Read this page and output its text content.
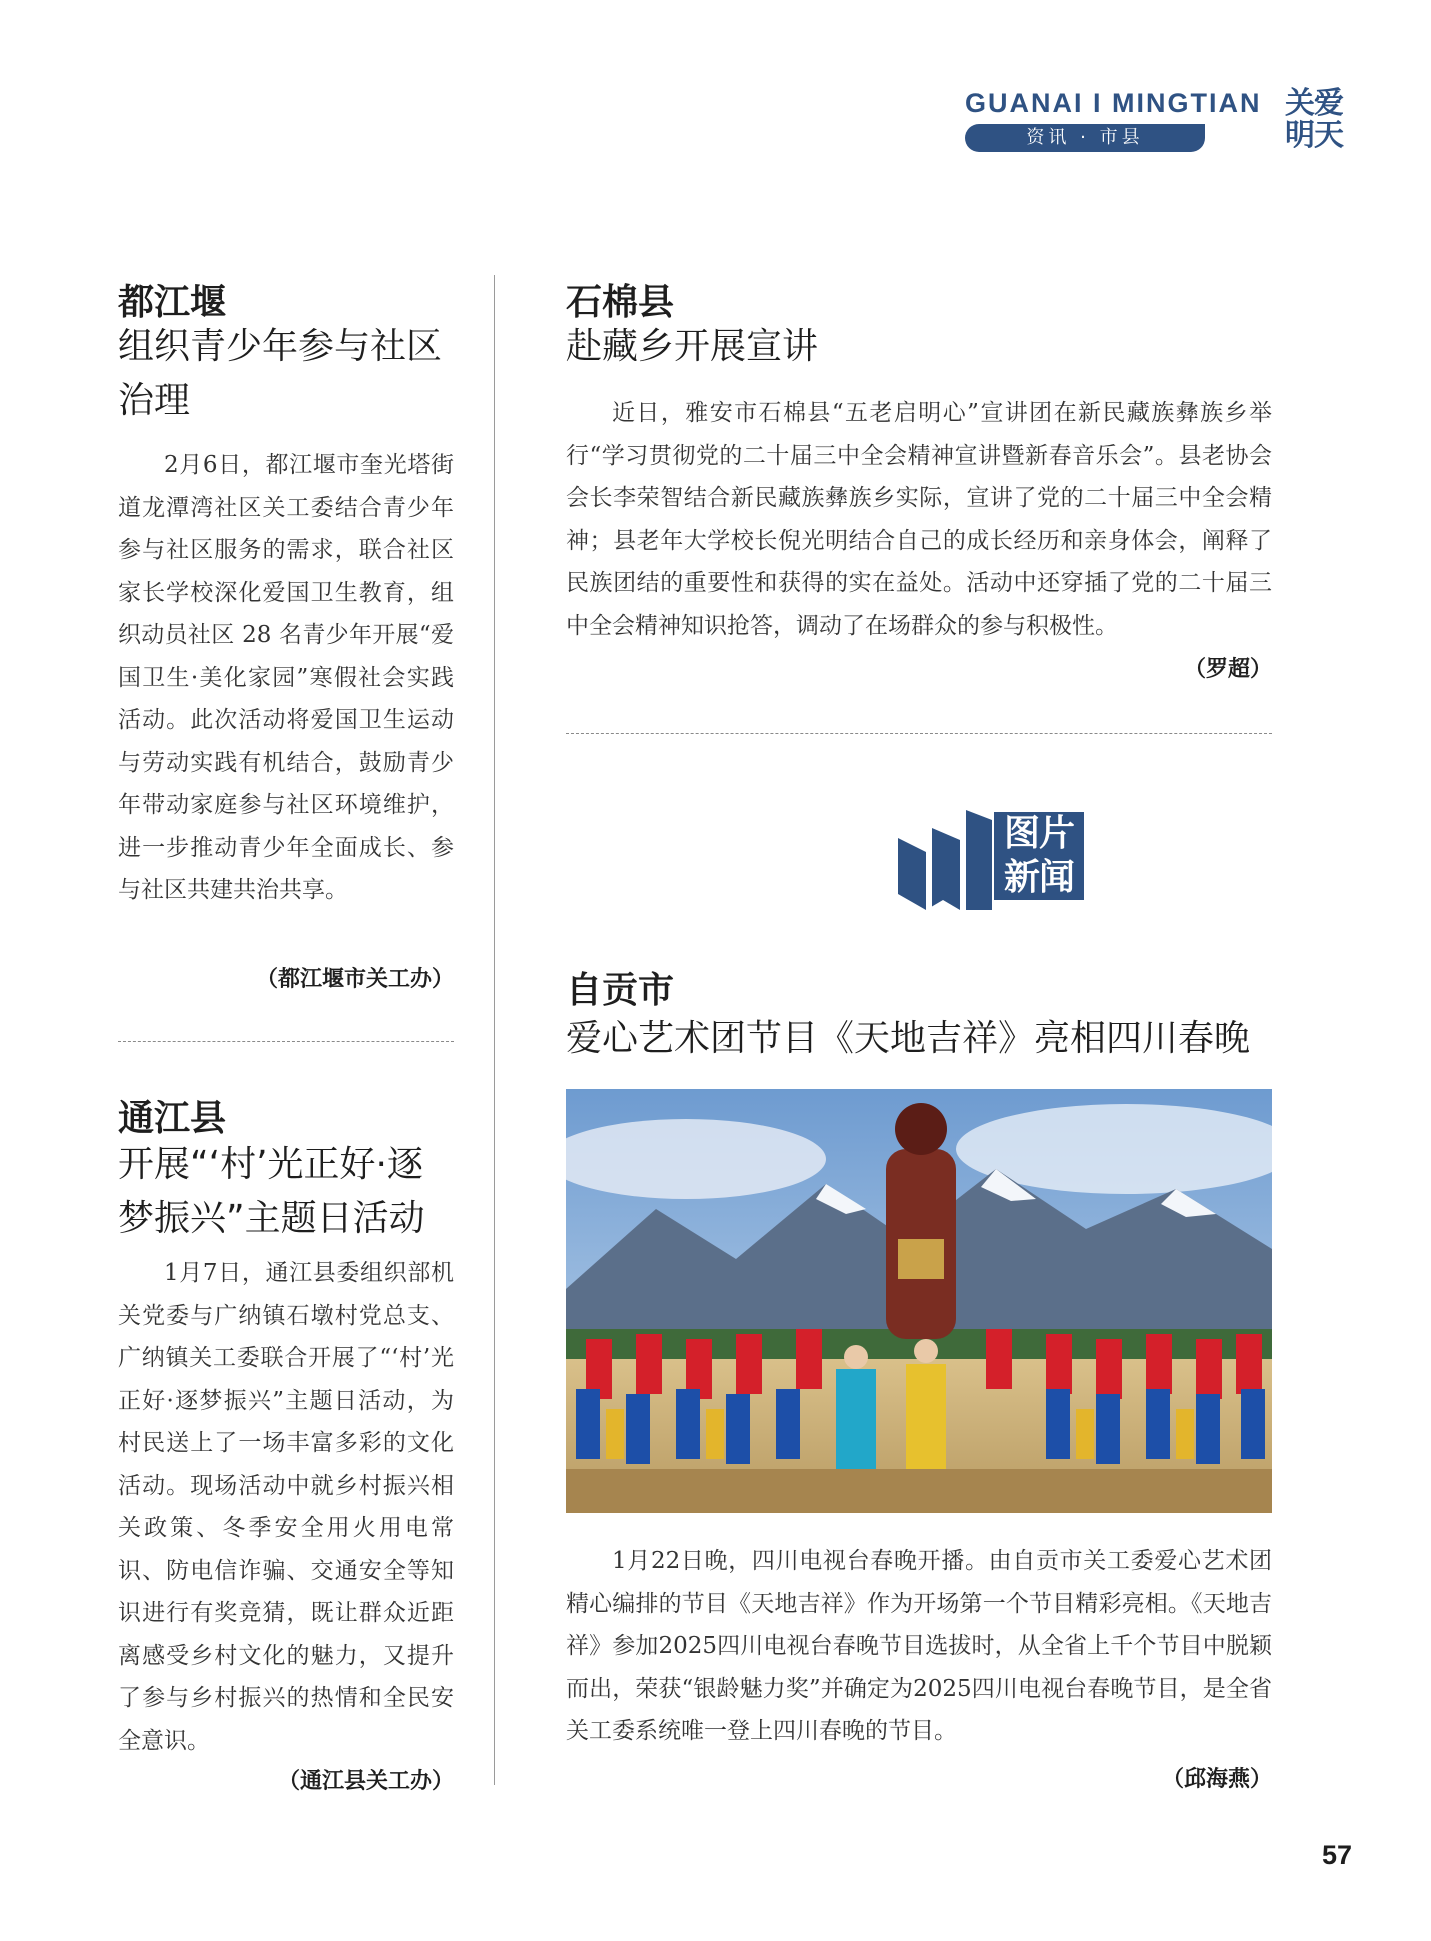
GUANAI I MINGTIAN
资讯 · 市县
关爱明天
都江堰
组织青少年参与社区治理

2月6日，都江堰市奎光塔街道龙潭湾社区关工委结合青少年参与社区服务的需求，联合社区家长学校深化爱国卫生教育，组织动员社区 28 名青少年开展“爱国卫生·美化家园”寒假社会实践活动。此次活动将爱国卫生运动与劳动实践有机结合，鼓励青少年带动家庭参与社区环境维护，进一步推动青少年全面成长、参与社区共建共治共享。

（都江堰市关工办）
通江县
开展“‘村’光正好·逐梦振兴”主题日活动

1月7日，通江县委组织部机关党委与广纳镇石墩村党总支、广纳镇关工委联合开展了“‘村’光正好·逐梦振兴”主题日活动，为村民送上了一场丰富多彩的文化活动。现场活动中就乡村振兴相关政策、冬季安全用火用电常识、防电信诈骗、交通安全等知识进行有奖竞猜，既让群众近距离感受乡村文化的魅力，又提升了参与乡村振兴的热情和全民安全意识。

（通江县关工办）
石棉县
赴藏乡开展宣讲

近日，雅安市石棉县“五老启明心”宣讲团在新民藏族彝族乡举行“学习贯彻党的二十届三中全会精神宣讲暨新春音乐会”。县老协会会长李荣智结合新民藏族彝族乡实际，宣讲了党的二十届三中全会精神；县老年大学校长倪光明结合自己的成长经历和亲身体会，阐释了民族团结的重要性和获得的实在益处。活动中还穿插了党的二十届三中全会精神知识抢答，调动了在场群众的参与积极性。

（罗超）
图片
新闻
自贡市
爱心艺术团节目《天地吉祥》亮相四川春晚

1月22日晚，四川电视台春晚开播。由自贡市关工委爱心艺术团精心编排的节目《天地吉祥》作为开场第一个节目精彩亮相。《天地吉祥》参加2025四川电视台春晚节目选拔时，从全省上千个节目中脱颖而出，荣获“银龄魅力奖”并确定为2025四川电视台春晚节目，是全省关工委系统唯一登上四川春晚的节目。

（邱海燕）
57
